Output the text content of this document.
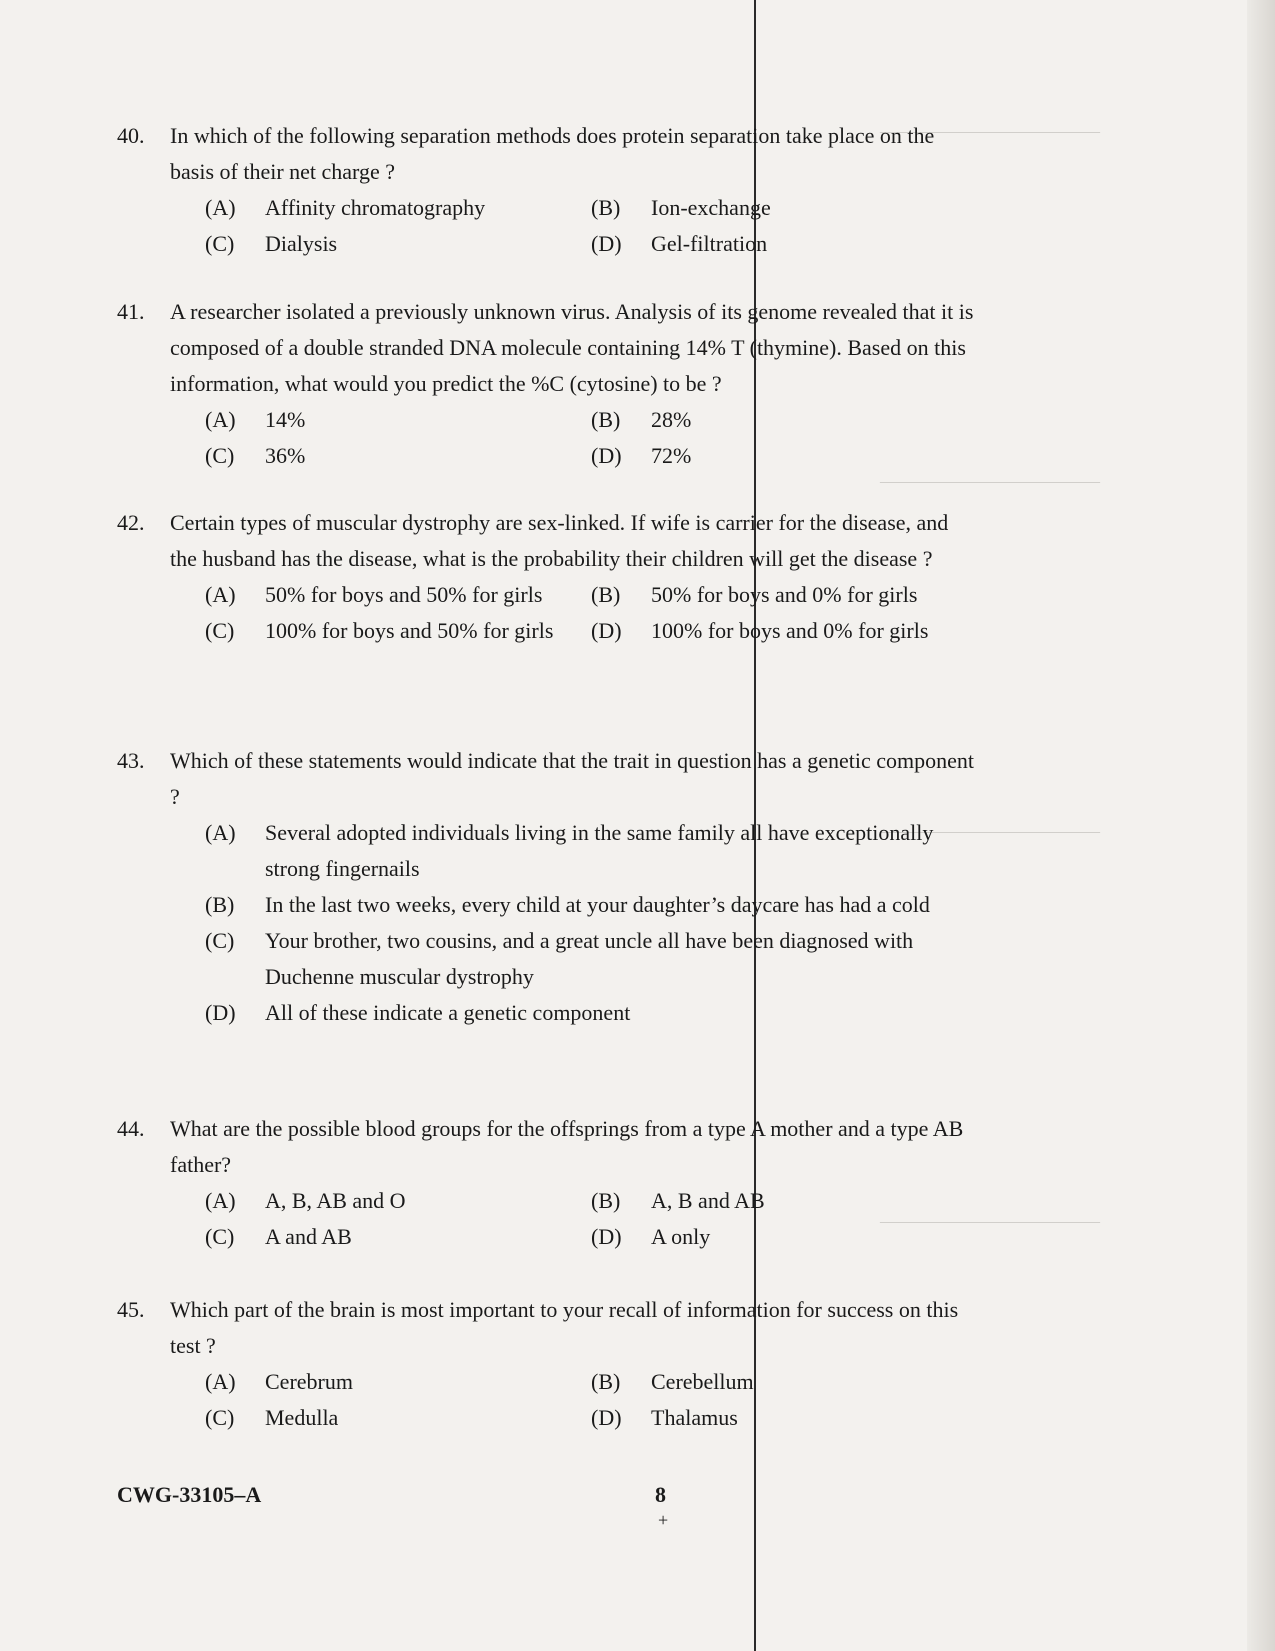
———————————
———————————
———————————
———————————
40. In which of the following separation methods does protein separation take place on the basis of their net charge ?
(A)	Affinity chromatography	(B)	Ion-exchange
(C)	Dialysis	(D)	Gel-filtration
41. A researcher isolated a previously unknown virus. Analysis of its genome revealed that it is composed of a double stranded DNA molecule containing 14% T (thymine). Based on this information, what would you predict the %C (cytosine) to be ?
(A)	14%	(B)	28%
(C)	36%	(D)	72%
42. Certain types of muscular dystrophy are sex-linked. If wife is carrier for the disease, and the husband has the disease, what is the probability their children will get the disease ?
(A)	50% for boys and 50% for girls (B)	50% for boys and 0% for girls
(C)	100% for boys and 50% for girls (D)	100% for boys and 0% for girls
43. Which of these statements would indicate that the trait in question has a genetic component ?
(A)	Several adopted individuals living in the same family all have exceptionally strong fingernails
(B)	In the last two weeks, every child at your daughter’s daycare has had a cold
(C)	Your brother, two cousins, and a great uncle all have been diagnosed with Duchenne muscular dystrophy
(D)	All of these indicate a genetic component
44. What are the possible blood groups for the offsprings from a type A mother and a type AB father?
(A)	A, B, AB and O	(B)	A, B and AB
(C)	A and AB	(D)	A only
45. Which part of the brain is most important to your recall of information for success on this test ?
(A)	Cerebrum	(B)	Cerebellum
(C)	Medulla	(D)	Thalamus
CWG-33105–A	8
+
